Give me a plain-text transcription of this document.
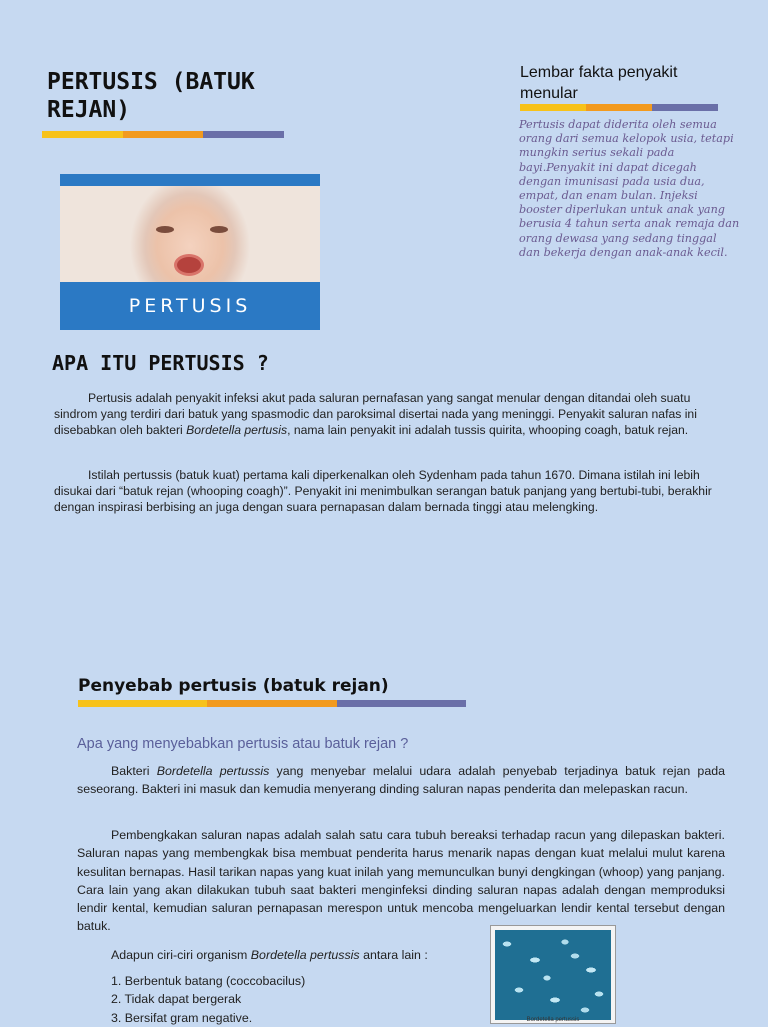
PERTUSIS (BATUK REJAN)
Lembar fakta penyakit menular
Pertusis dapat diderita oleh semua orang dari semua kelopok usia, tetapi mungkin serius sekali pada bayi.Penyakit ini dapat dicegah dengan imunisasi pada usia dua, empat, dan enam bulan. Injeksi booster diperlukan untuk anak yang berusia 4 tahun serta anak remaja dan orang dewasa yang sedang tinggal dan bekerja dengan anak-anak kecil.
PERTUSIS
APA ITU PERTUSIS ?
Pertusis adalah penyakit infeksi akut pada saluran pernafasan yang sangat menular dengan ditandai oleh suatu sindrom yang terdiri dari batuk yang spasmodic dan paroksimal disertai nada yang meninggi. Penyakit saluran nafas ini disebabkan oleh bakteri Bordetella pertusis, nama lain penyakit ini adalah tussis quirita, whooping coagh, batuk rejan.
Istilah pertussis (batuk kuat) pertama kali diperkenalkan oleh Sydenham pada tahun 1670. Dimana istilah ini lebih disukai dari “batuk rejan (whooping coagh)”. Penyakit ini menimbulkan serangan batuk panjang yang bertubi-tubi, berakhir dengan inspirasi berbising an juga dengan suara pernapasan dalam bernada tinggi atau melengking.
Penyebab pertusis (batuk rejan)
Apa yang menyebabkan pertusis atau batuk rejan ?
Bakteri Bordetella pertussis yang menyebar melalui udara adalah penyebab terjadinya batuk rejan pada seseorang. Bakteri ini masuk dan kemudia menyerang dinding saluran napas penderita dan melepaskan racun.
Pembengkakan saluran napas adalah salah satu cara tubuh bereaksi terhadap racun yang dilepaskan bakteri. Saluran napas yang membengkak bisa membuat penderita harus menarik napas dengan kuat melalui mulut karena kesulitan bernapas. Hasil tarikan napas yang kuat inilah yang memunculkan bunyi dengkingan (whoop) yang panjang. Cara lain yang akan dilakukan tubuh saat bakteri menginfeksi dinding saluran napas adalah dengan memproduksi lendir kental, kemudian saluran pernapasan merespon untuk mencoba mengeluarkan lendir kental tersebut dengan batuk.
Adapun ciri-ciri organism Bordetella pertussis antara lain :
1. Berbentuk batang (coccobacilus)
2. Tidak dapat bergerak
3. Bersifat gram negative.	Bordetella pertussis
